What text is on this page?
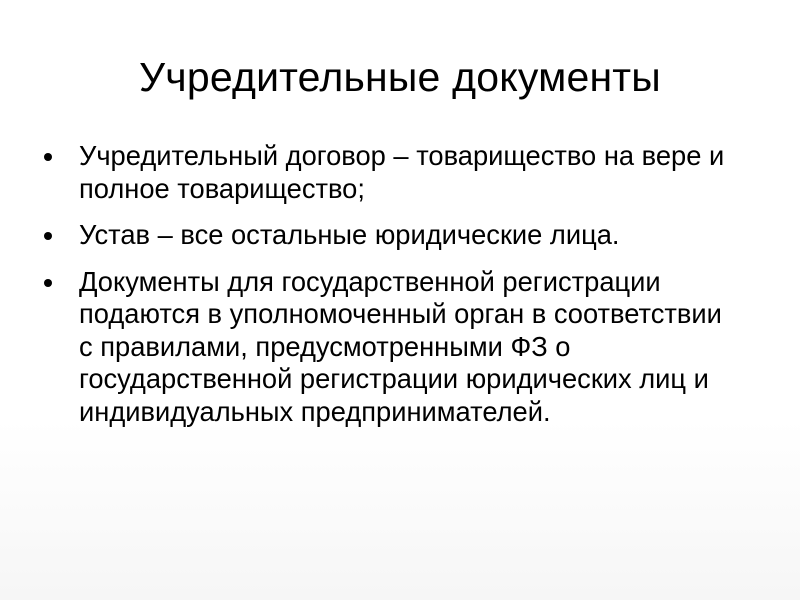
Учредительные документы
Учредительный договор – товарищество на вере и полное товарищество;
Устав – все остальные юридические лица.
Документы для государственной регистрации подаются в уполномоченный орган в соответствии с правилами, предусмотренными ФЗ о государственной регистрации юридических лиц и индивидуальных предпринимателей.
